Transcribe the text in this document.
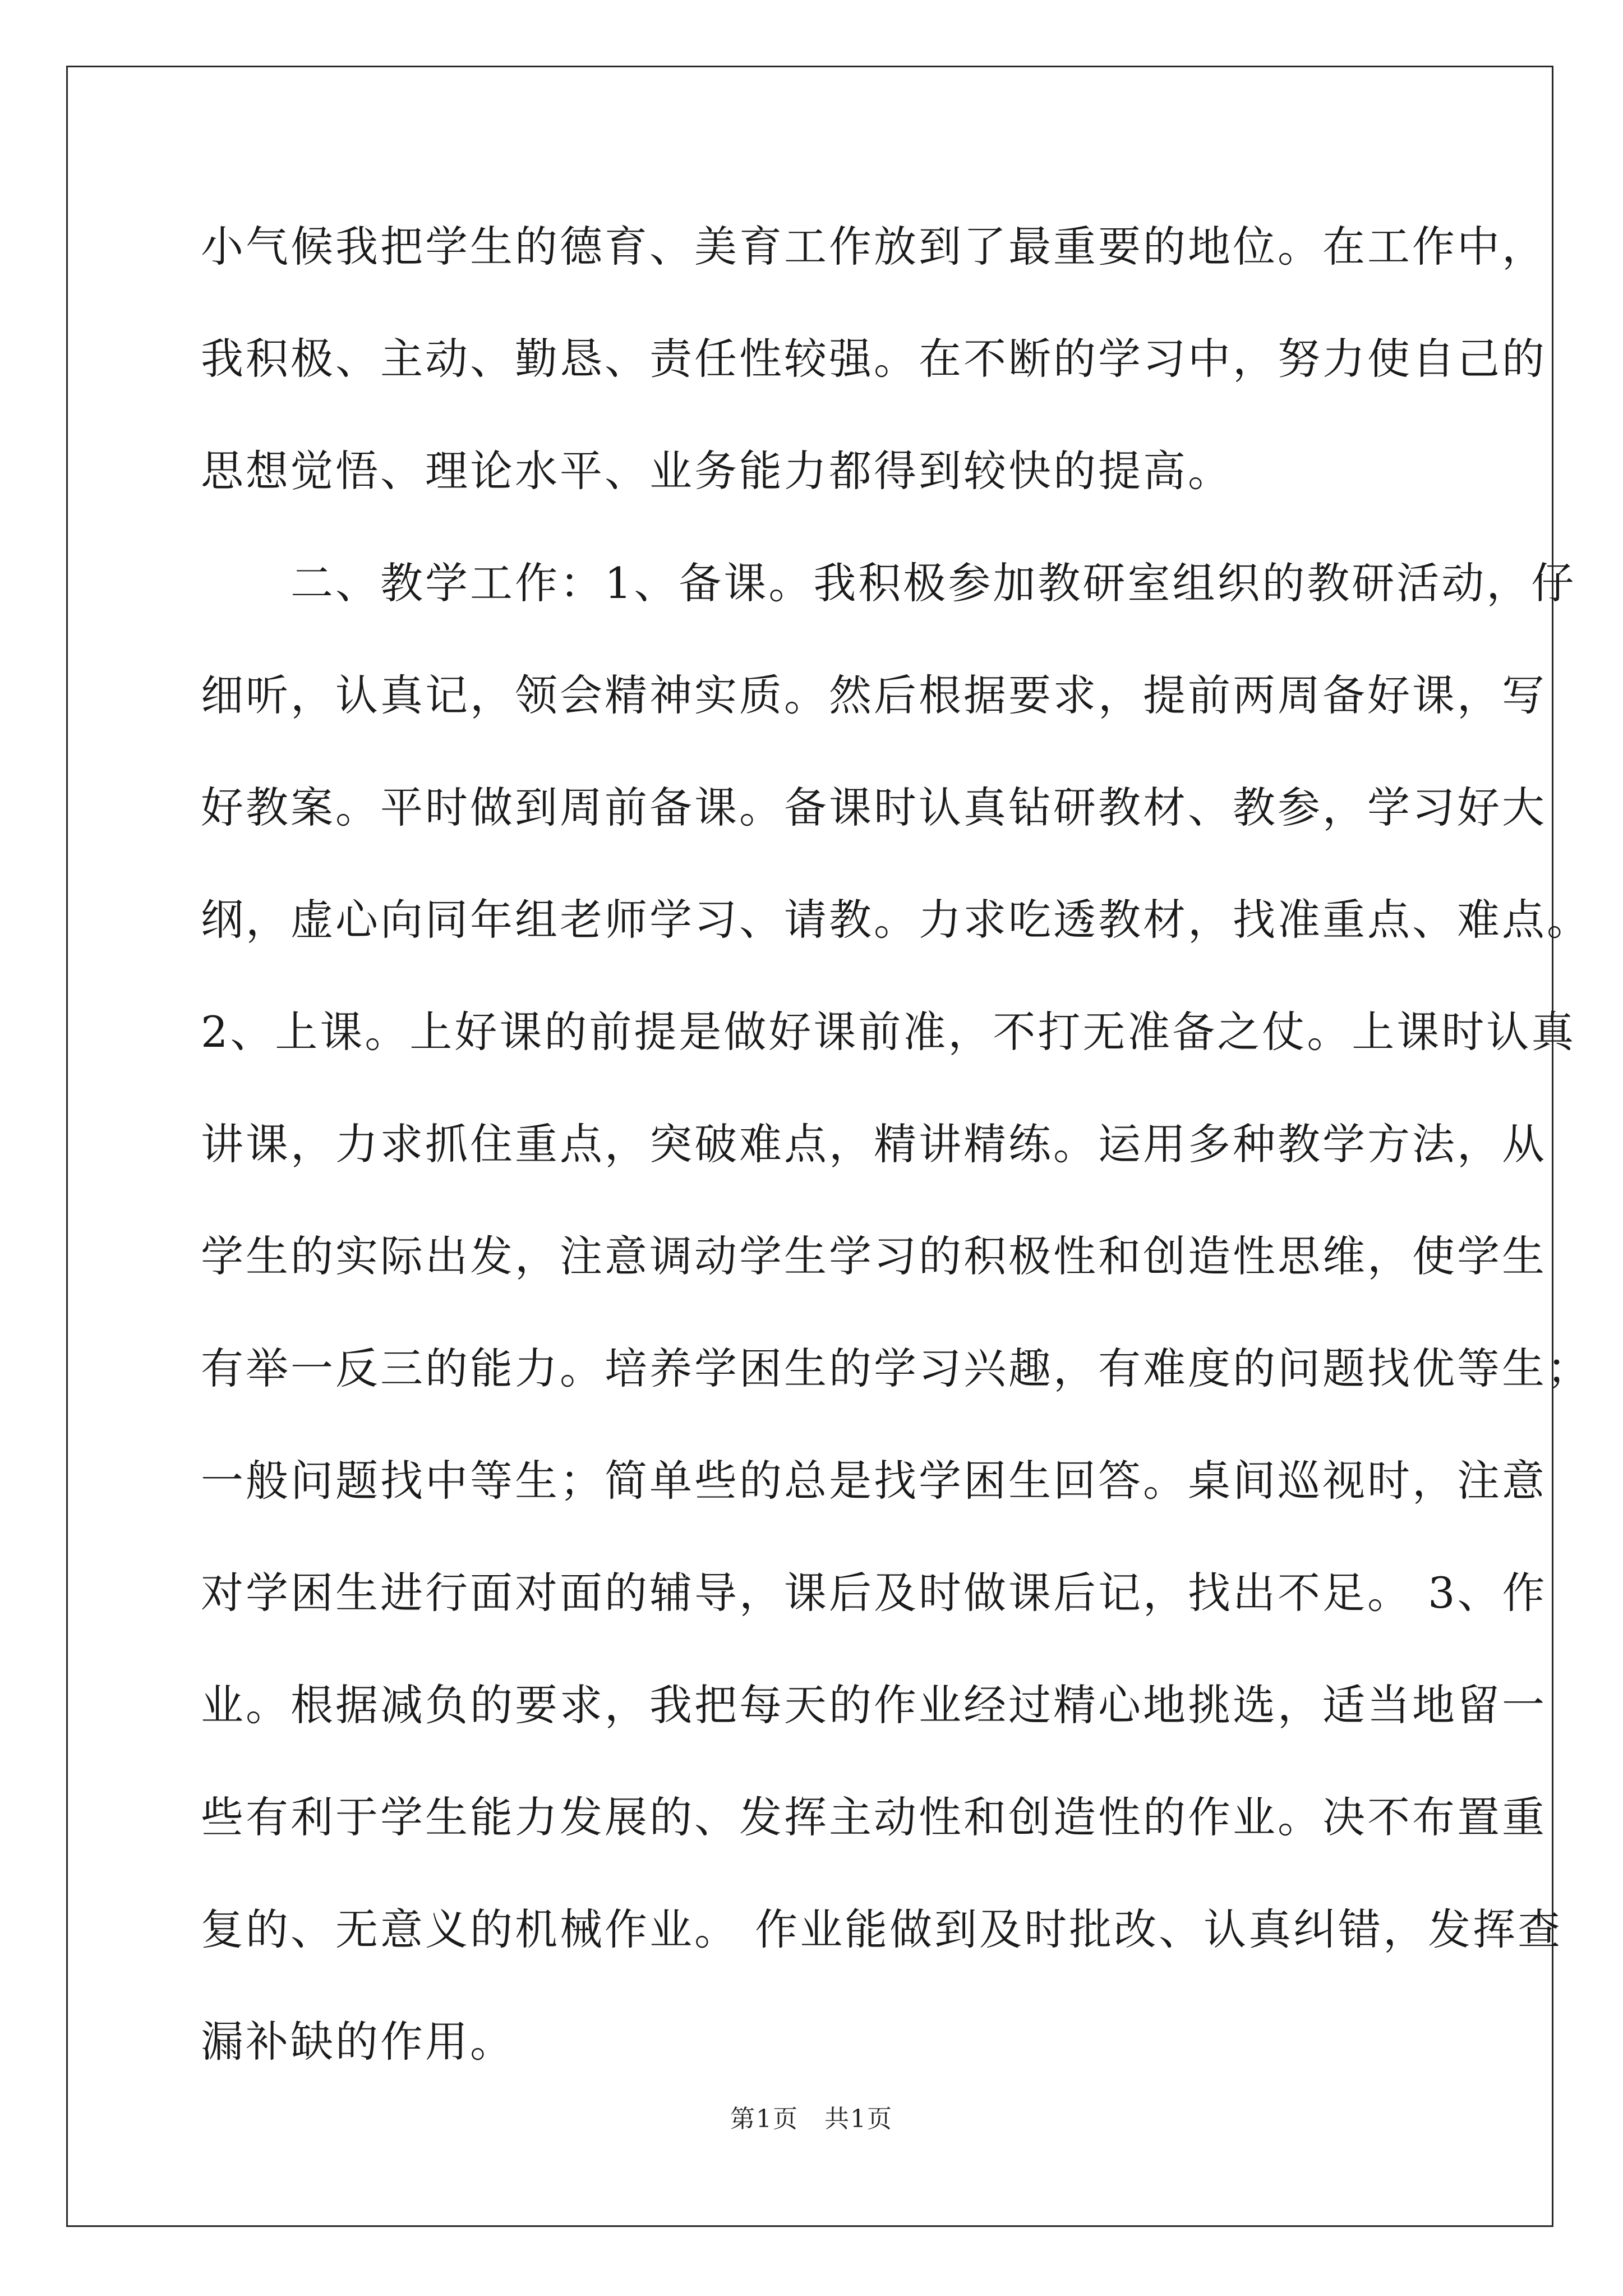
小气候我把学生的德育、美育工作放到了最重要的地位。在工作中，
我积极、主动、勤恳、责任性较强。在不断的学习中，努力使自己的
思想觉悟、理论水平、业务能力都得到较快的提高。
　　二、教学工作：1、备课。我积极参加教研室组织的教研活动，仔
细听，认真记，领会精神实质。然后根据要求，提前两周备好课，写
好教案。平时做到周前备课。备课时认真钻研教材、教参，学习好大
纲，虚心向同年组老师学习、请教。力求吃透教材，找准重点、难点。
2、上课。上好课的前提是做好课前准，不打无准备之仗。上课时认真
讲课，力求抓住重点，突破难点，精讲精练。运用多种教学方法，从
学生的实际出发，注意调动学生学习的积极性和创造性思维，使学生
有举一反三的能力。培养学困生的学习兴趣，有难度的问题找优等生；
一般问题找中等生；简单些的总是找学困生回答。桌间巡视时，注意
对学困生进行面对面的辅导，课后及时做课后记，找出不足。 3、作
业。根据减负的要求，我把每天的作业经过精心地挑选，适当地留一
些有利于学生能力发展的、发挥主动性和创造性的作业。决不布置重
复的、无意义的机械作业。 作业能做到及时批改、认真纠错，发挥查
漏补缺的作用。
第1页　共1页
